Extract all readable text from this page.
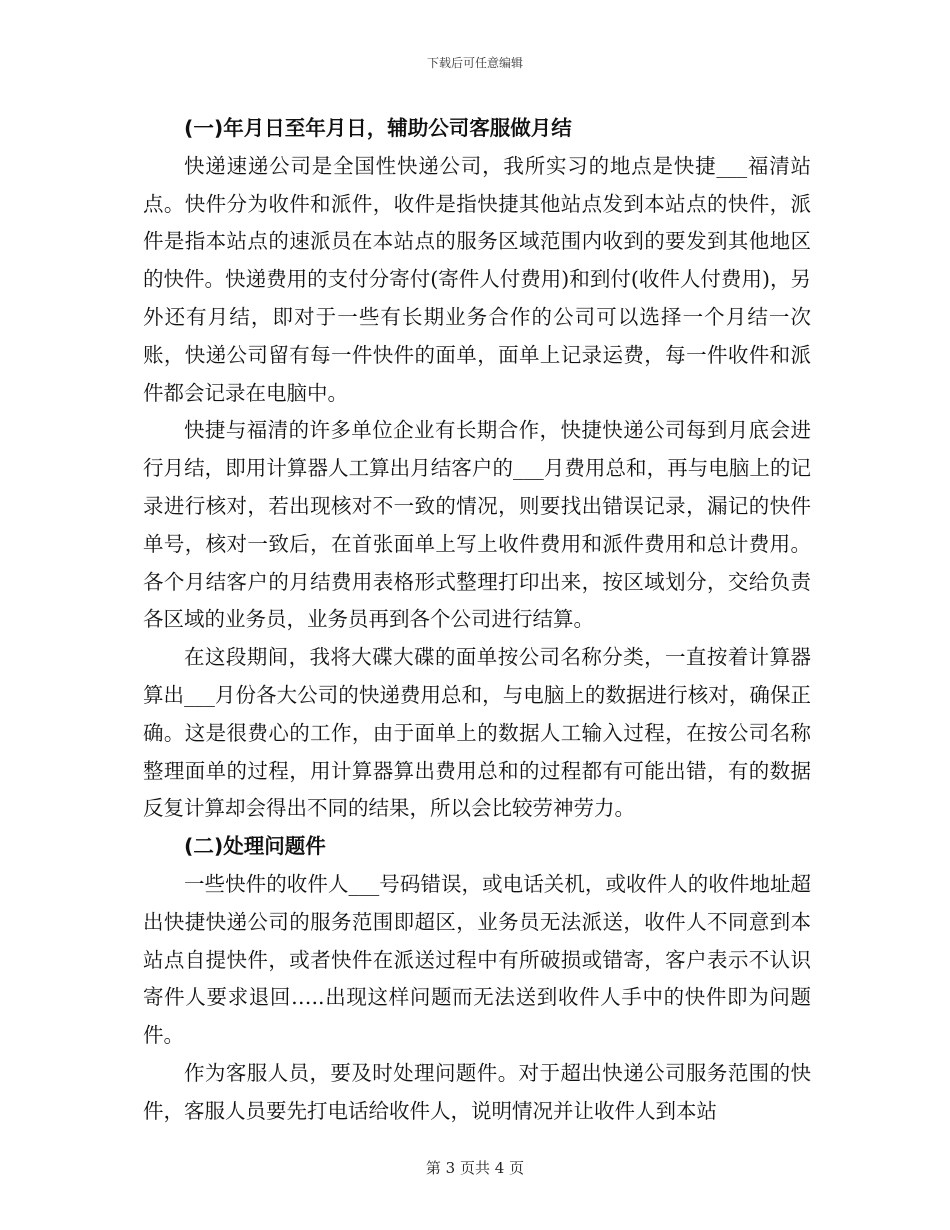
下载后可任意编辑
(一)年月日至年月日，辅助公司客服做月结

快递速递公司是全国性快递公司，我所实习的地点是快捷___福清站点。快件分为收件和派件，收件是指快捷其他站点发到本站点的快件，派件是指本站点的速派员在本站点的服务区域范围内收到的要发到其他地区的快件。快递费用的支付分寄付(寄件人付费用)和到付(收件人付费用)，另外还有月结，即对于一些有长期业务合作的公司可以选择一个月结一次账，快递公司留有每一件快件的面单，面单上记录运费，每一件收件和派件都会记录在电脑中。

快捷与福清的许多单位企业有长期合作，快捷快递公司每到月底会进行月结，即用计算器人工算出月结客户的___月费用总和，再与电脑上的记录进行核对，若出现核对不一致的情况，则要找出错误记录，漏记的快件单号，核对一致后，在首张面单上写上收件费用和派件费用和总计费用。各个月结客户的月结费用表格形式整理打印出来，按区域划分，交给负责各区域的业务员，业务员再到各个公司进行结算。

在这段期间，我将大碟大碟的面单按公司名称分类，一直按着计算器算出___月份各大公司的快递费用总和，与电脑上的数据进行核对，确保正确。这是很费心的工作，由于面单上的数据人工输入过程，在按公司名称整理面单的过程，用计算器算出费用总和的过程都有可能出错，有的数据反复计算却会得出不同的结果，所以会比较劳神劳力。

(二)处理问题件

一些快件的收件人___号码错误，或电话关机，或收件人的收件地址超出快捷快递公司的服务范围即超区，业务员无法派送，收件人不同意到本站点自提快件，或者快件在派送过程中有所破损或错寄，客户表示不认识寄件人要求退回…..出现这样问题而无法送到收件人手中的快件即为问题件。

作为客服人员，要及时处理问题件。对于超出快递公司服务范围的快件，客服人员要先打电话给收件人，说明情况并让收件人到本站

第 3 页共 4 页
